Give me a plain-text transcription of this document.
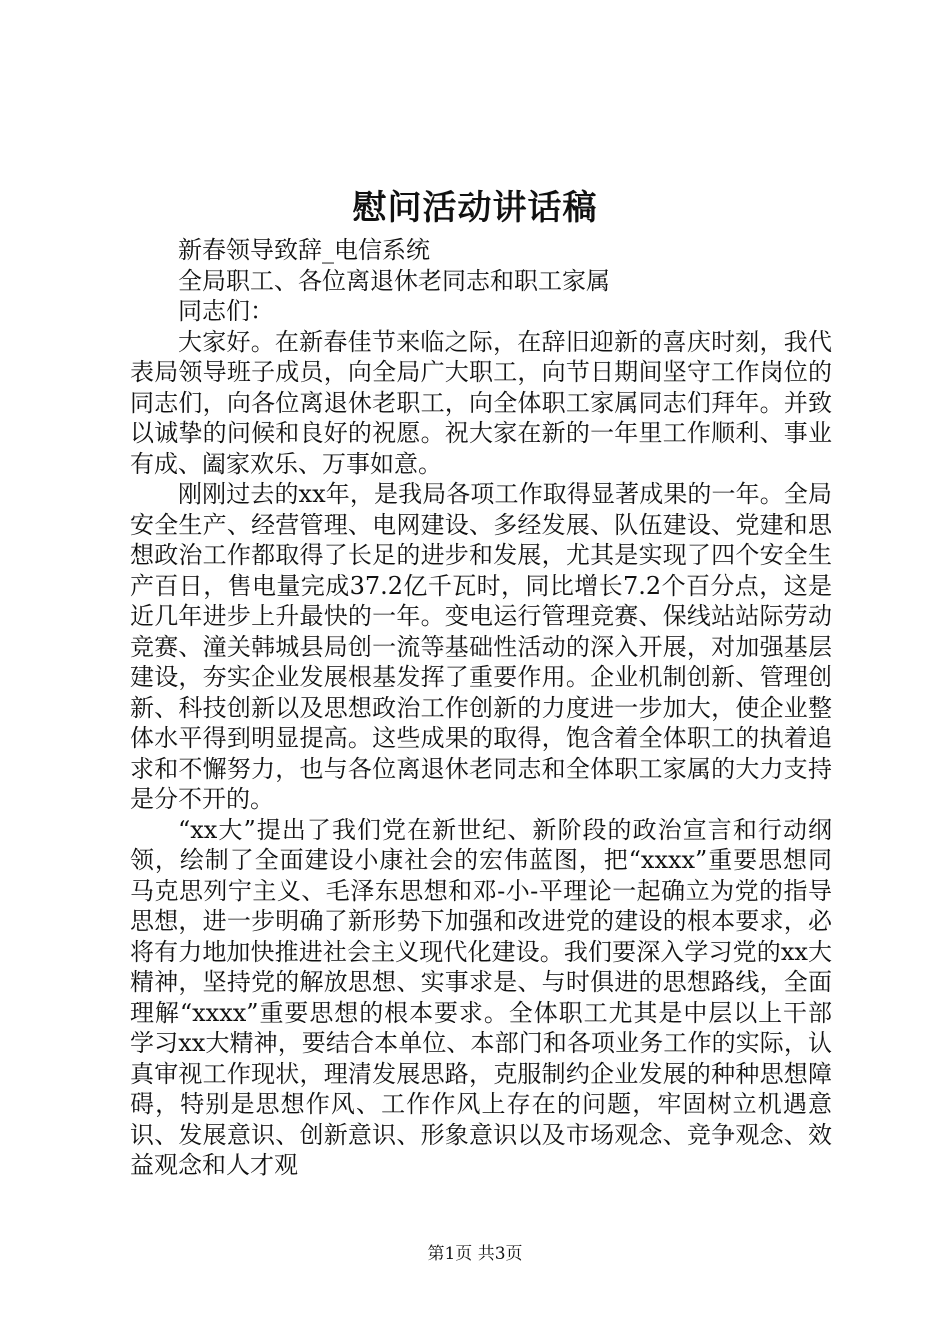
慰问活动讲话稿

新春领导致辞_电信系统

全局职工、各位离退休老同志和职工家属

同志们：

大家好。在新春佳节来临之际，在辞旧迎新的喜庆时刻，我代表局领导班子成员，向全局广大职工，向节日期间坚守工作岗位的同志们，向各位离退休老职工，向全体职工家属同志们拜年。并致以诚挚的问候和良好的祝愿。祝大家在新的一年里工作顺利、事业有成、阖家欢乐、万事如意。

刚刚过去的xx年，是我局各项工作取得显著成果的一年。全局安全生产、经营管理、电网建设、多经发展、队伍建设、党建和思想政治工作都取得了长足的进步和发展，尤其是实现了四个安全生产百日，售电量完成37.2亿千瓦时，同比增长7.2个百分点，这是近几年进步上升最快的一年。变电运行管理竞赛、保线站站际劳动竞赛、潼关韩城县局创一流等基础性活动的深入开展，对加强基层建设，夯实企业发展根基发挥了重要作用。企业机制创新、管理创新、科技创新以及思想政治工作创新的力度进一步加大，使企业整体水平得到明显提高。这些成果的取得，饱含着全体职工的执着追求和不懈努力，也与各位离退休老同志和全体职工家属的大力支持是分不开的。

“xx大”提出了我们党在新世纪、新阶段的政治宣言和行动纲领，绘制了全面建设小康社会的宏伟蓝图，把“xxxx”重要思想同马克思列宁主义、毛泽东思想和邓-小-平理论一起确立为党的指导思想，进一步明确了新形势下加强和改进党的建设的根本要求，必将有力地加快推进社会主义现代化建设。我们要深入学习党的xx大精神，坚持党的解放思想、实事求是、与时俱进的思想路线，全面理解“xxxx”重要思想的根本要求。全体职工尤其是中层以上干部学习xx大精神，要结合本单位、本部门和各项业务工作的实际，认真审视工作现状，理清发展思路，克服制约企业发展的种种思想障碍，特别是思想作风、工作作风上存在的问题，牢固树立机遇意识、发展意识、创新意识、形象意识以及市场观念、竞争观念、效益观念和人才观

第1页 共3页
